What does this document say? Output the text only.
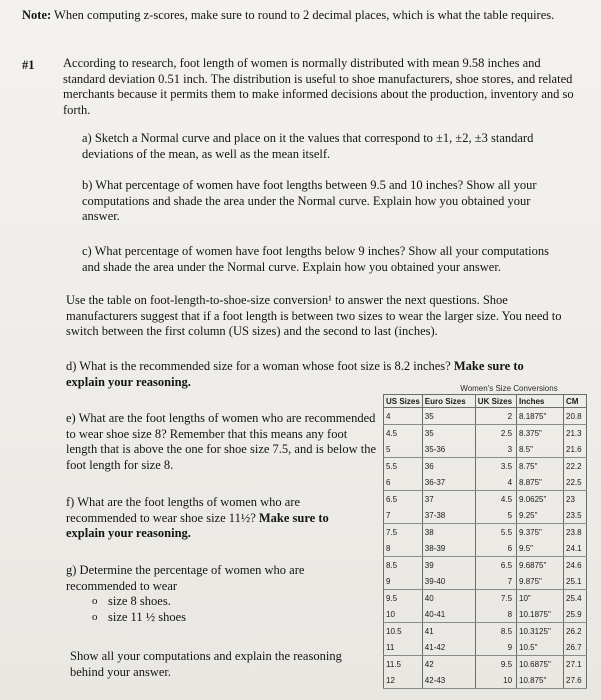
Note: When computing z-scores, make sure to round to 2 decimal places, which is what the table requires.
#1 According to research, foot length of women is normally distributed with mean 9.58 inches and standard deviation 0.51 inch. The distribution is useful to shoe manufacturers, shoe stores, and related merchants because it permits them to make informed decisions about the production, inventory and so forth.
a) Sketch a Normal curve and place on it the values that correspond to ±1, ±2, ±3 standard deviations of the mean, as well as the mean itself.
b) What percentage of women have foot lengths between 9.5 and 10 inches? Show all your computations and shade the area under the Normal curve. Explain how you obtained your answer.
c) What percentage of women have foot lengths below 9 inches? Show all your computations and shade the area under the Normal curve. Explain how you obtained your answer.
Use the table on foot-length-to-shoe-size conversion¹ to answer the next questions. Shoe manufacturers suggest that if a foot length is between two sizes to wear the larger size. You need to switch between the first column (US sizes) and the second to last (inches).
d) What is the recommended size for a woman whose foot size is 8.2 inches? Make sure to explain your reasoning.
e) What are the foot lengths of women who are recommended to wear shoe size 8? Remember that this means any foot length that is above the one for shoe size 7.5, and is below the foot length for size 8.
f) What are the foot lengths of women who are recommended to wear shoe size 11½? Make sure to explain your reasoning.
g) Determine the percentage of women who are recommended to wear
o size 8 shoes.
o size 11 ½ shoes
Show all your computations and explain the reasoning behind your answer.
Women's Size Conversions
US Sizes	Euro Sizes	UK Sizes	Inches	CM
4	35	2	8.1875"	20.8
4.5	35	2.5	8.375"	21.3
5	35-36	3	8.5"	21.6
5.5	36	3.5	8.75"	22.2
6	36-37	4	8.875"	22.5
6.5	37	4.5	9.0625"	23
7	37-38	5	9.25"	23.5
7.5	38	5.5	9.375"	23.8
8	38-39	6	9.5"	24.1
8.5	39	6.5	9.6875"	24.6
9	39-40	7	9.875"	25.1
9.5	40	7.5	10"	25.4
10	40-41	8	10.1875"	25.9
10.5	41	8.5	10.3125"	26.2
11	41-42	9	10.5"	26.7
11.5	42	9.5	10.6875"	27.1
12	42-43	10	10.875"	27.6
